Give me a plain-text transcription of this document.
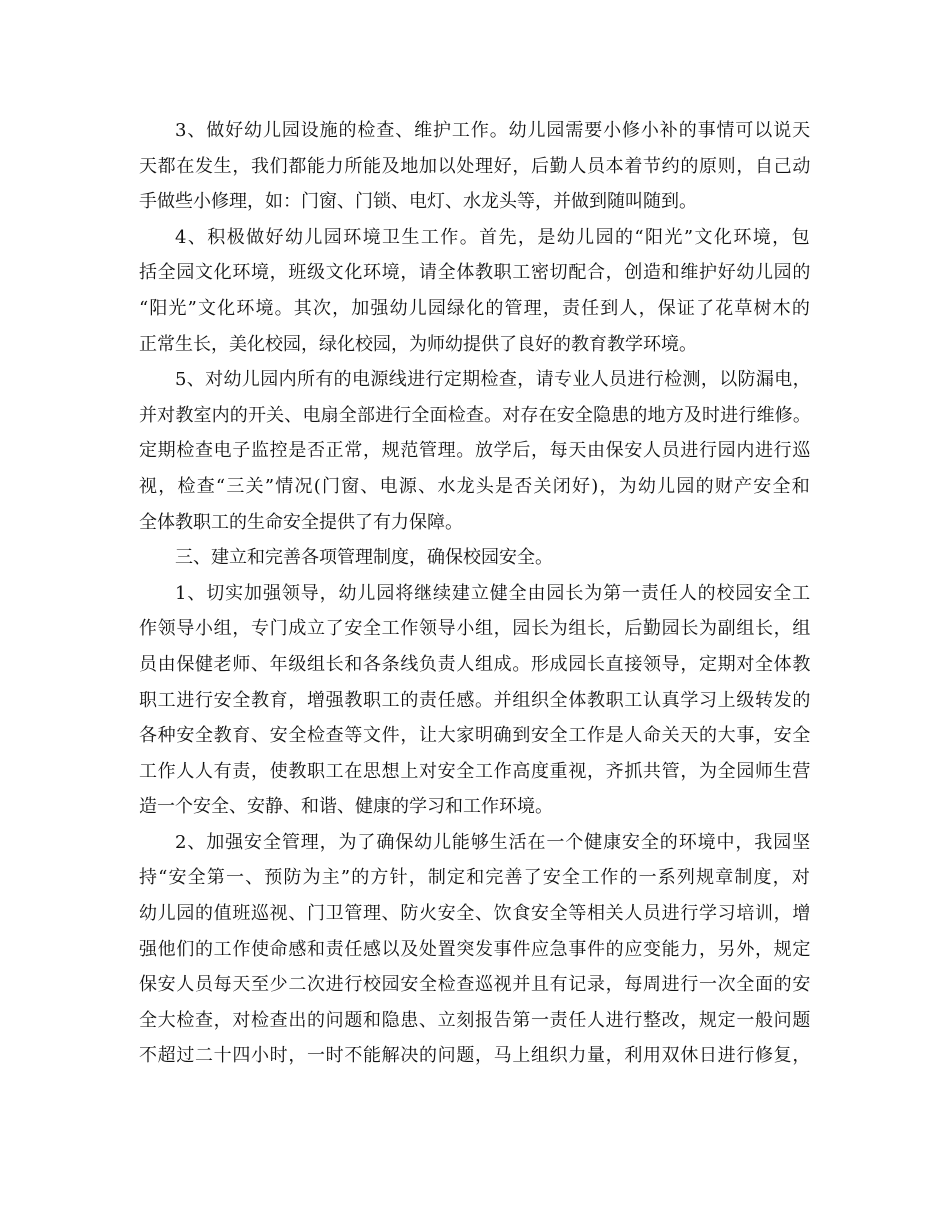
3、做好幼儿园设施的检查、维护工作。幼儿园需要小修小补的事情可以说天
天都在发生，我们都能力所能及地加以处理好，后勤人员本着节约的原则，自己动
手做些小修理，如：门窗、门锁、电灯、水龙头等，并做到随叫随到。
4、积极做好幼儿园环境卫生工作。首先，是幼儿园的“阳光”文化环境，包
括全园文化环境，班级文化环境，请全体教职工密切配合，创造和维护好幼儿园的
“阳光”文化环境。其次，加强幼儿园绿化的管理，责任到人，保证了花草树木的
正常生长，美化校园，绿化校园，为师幼提供了良好的教育教学环境。
5、对幼儿园内所有的电源线进行定期检查，请专业人员进行检测，以防漏电，
并对教室内的开关、电扇全部进行全面检查。对存在安全隐患的地方及时进行维修。
定期检查电子监控是否正常，规范管理。放学后，每天由保安人员进行园内进行巡
视，检查“三关”情况(门窗、电源、水龙头是否关闭好)，为幼儿园的财产安全和
全体教职工的生命安全提供了有力保障。
三、建立和完善各项管理制度，确保校园安全。
1、切实加强领导，幼儿园将继续建立健全由园长为第一责任人的校园安全工
作领导小组，专门成立了安全工作领导小组，园长为组长，后勤园长为副组长，组
员由保健老师、年级组长和各条线负责人组成。形成园长直接领导，定期对全体教
职工进行安全教育，增强教职工的责任感。并组织全体教职工认真学习上级转发的
各种安全教育、安全检查等文件，让大家明确到安全工作是人命关天的大事，安全
工作人人有责，使教职工在思想上对安全工作高度重视，齐抓共管，为全园师生营
造一个安全、安静、和谐、健康的学习和工作环境。
2、加强安全管理，为了确保幼儿能够生活在一个健康安全的环境中，我园坚
持“安全第一、预防为主”的方针，制定和完善了安全工作的一系列规章制度，对
幼儿园的值班巡视、门卫管理、防火安全、饮食安全等相关人员进行学习培训，增
强他们的工作使命感和责任感以及处置突发事件应急事件的应变能力，另外，规定
保安人员每天至少二次进行校园安全检查巡视并且有记录，每周进行一次全面的安
全大检查，对检查出的问题和隐患、立刻报告第一责任人进行整改，规定一般问题
不超过二十四小时，一时不能解决的问题，马上组织力量，利用双休日进行修复，
